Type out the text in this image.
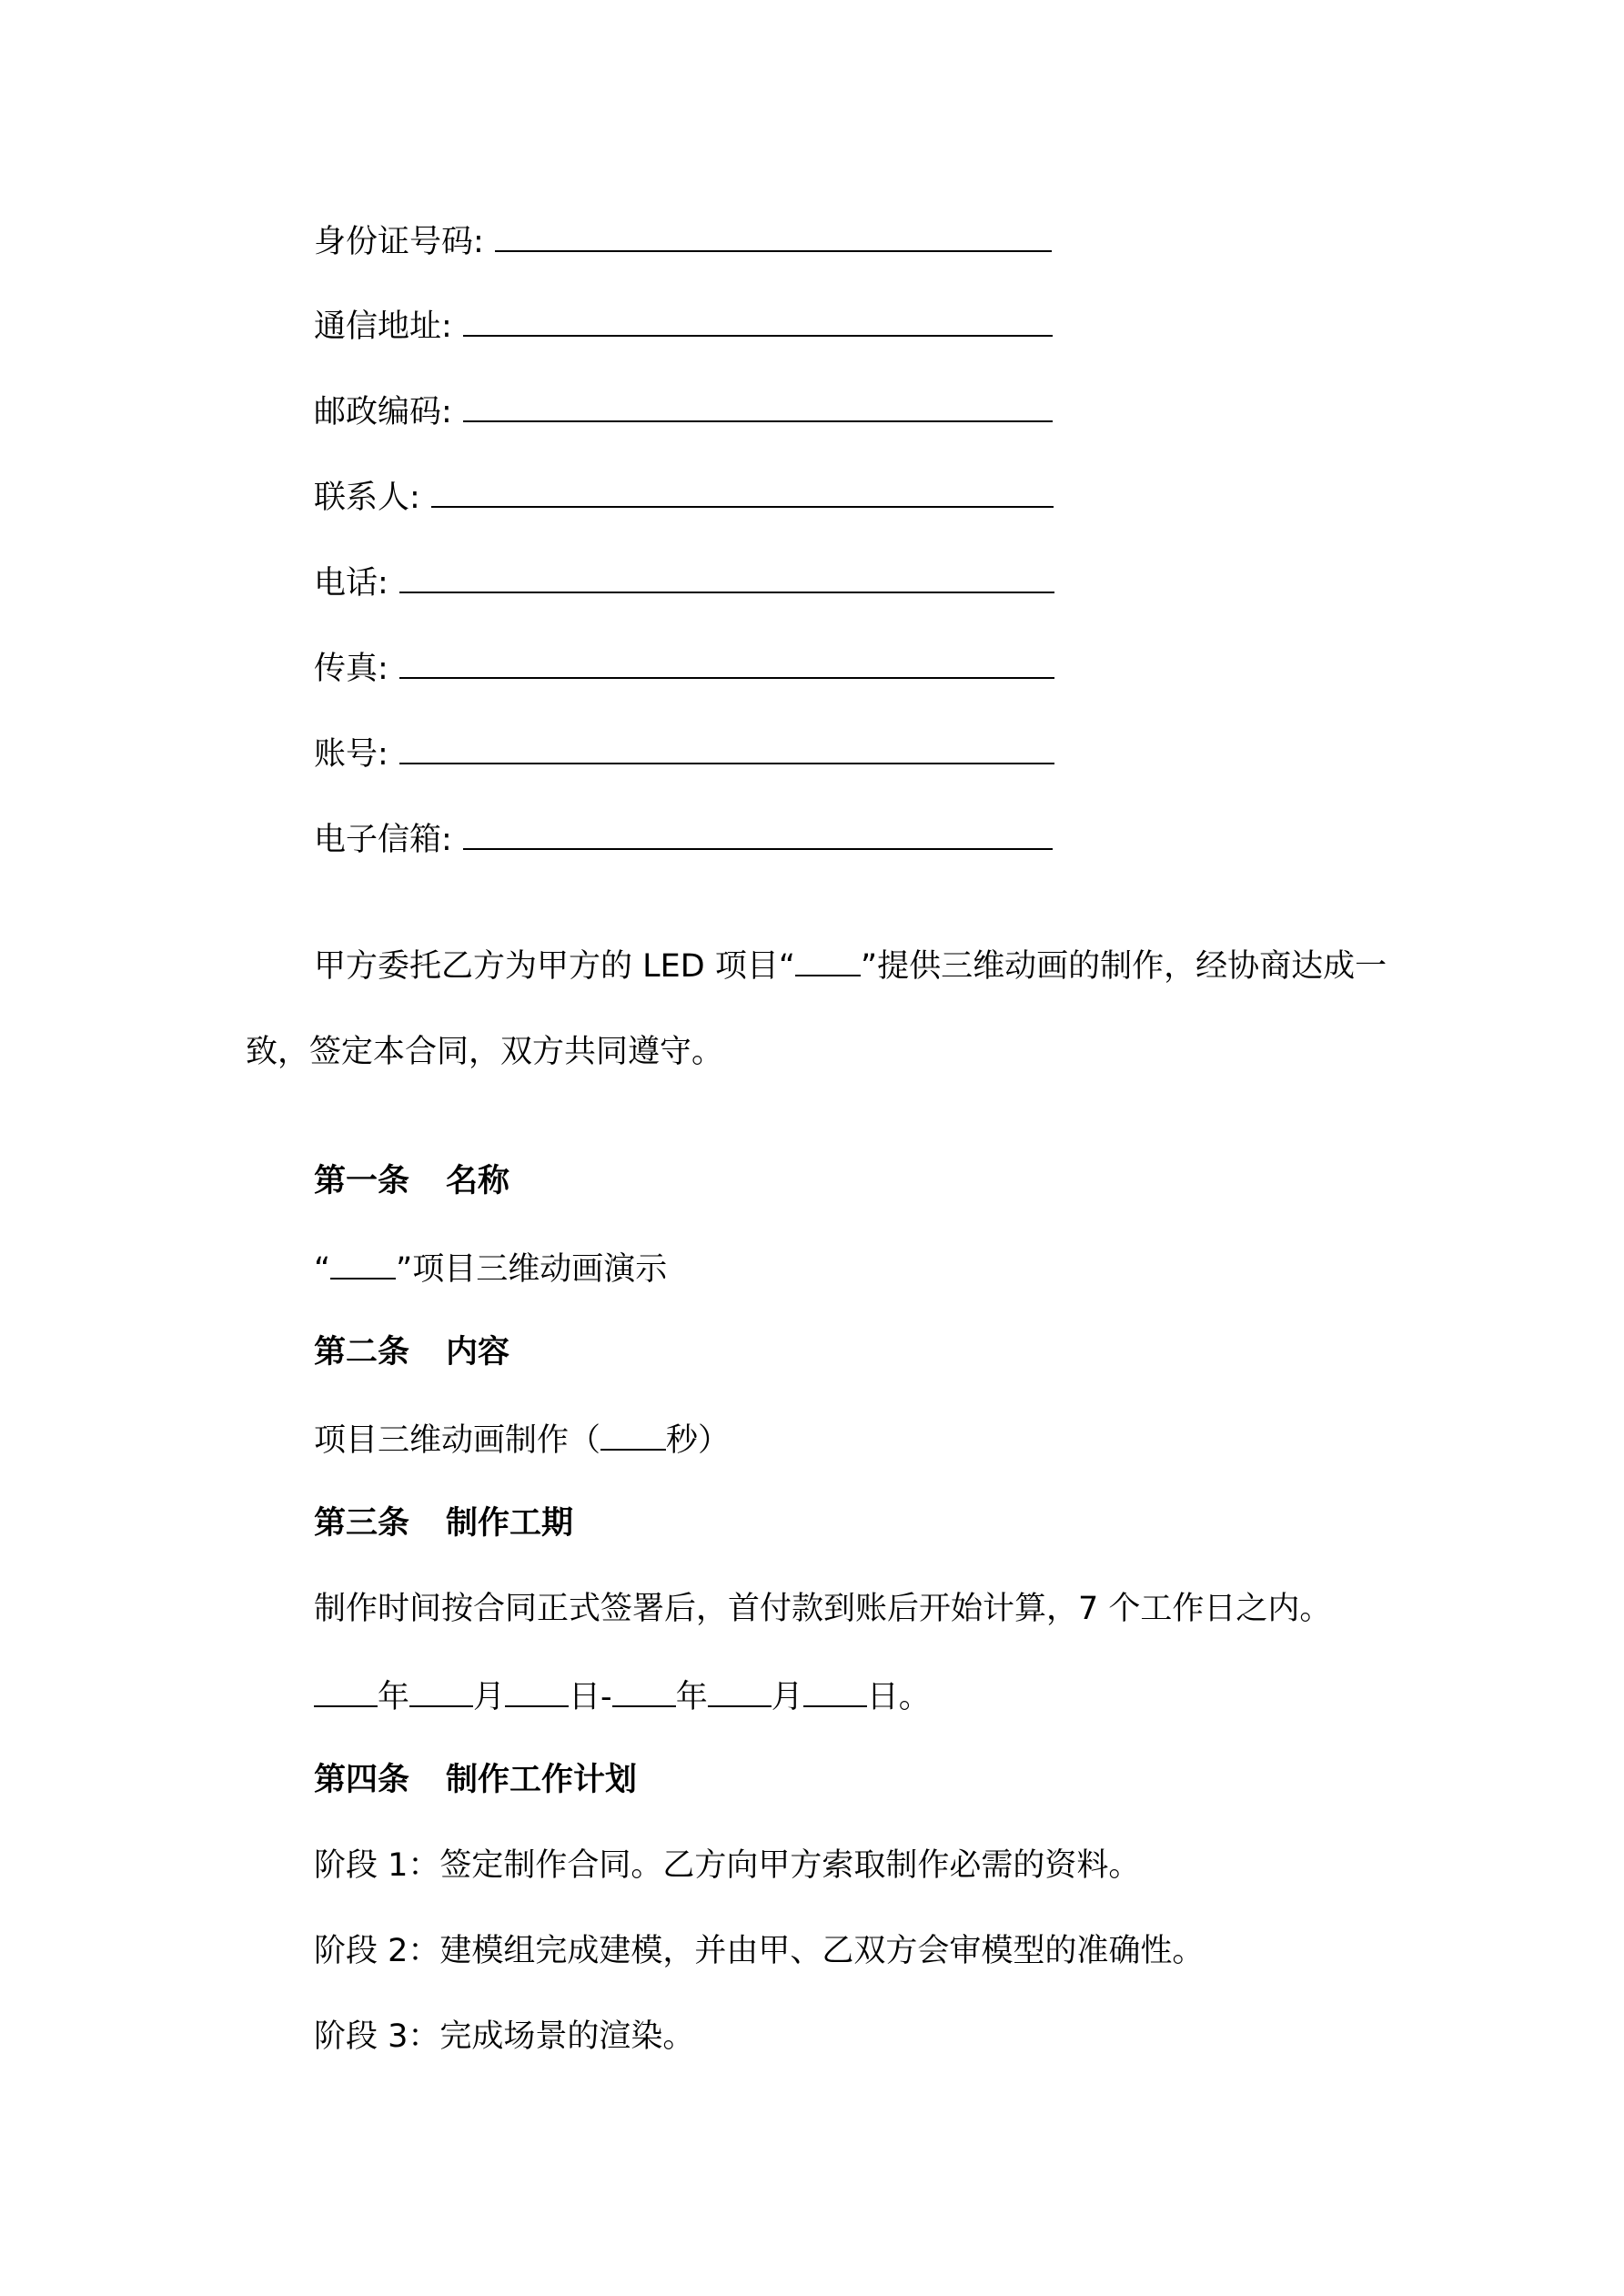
身份证号码:
通信地址:
邮政编码:
联系人:
电话:
传真:
账号:
电子信箱:
甲方委托乙方为甲方的 LED 项目“ ”提供三维动画的制作，经协商达成一致，签定本合同，双方共同遵守。
第一条 名称
“ ”项目三维动画演示
第二条 内容
项目三维动画制作（ 秒）
第三条 制作工期
制作时间按合同正式签署后，首付款到账后开始计算，7 个工作日之内。
年 月 日- 年 月 日。
第四条 制作工作计划
阶段 1：签定制作合同。乙方向甲方索取制作必需的资料。
阶段 2：建模组完成建模，并由甲、乙双方会审模型的准确性。
阶段 3：完成场景的渲染。
